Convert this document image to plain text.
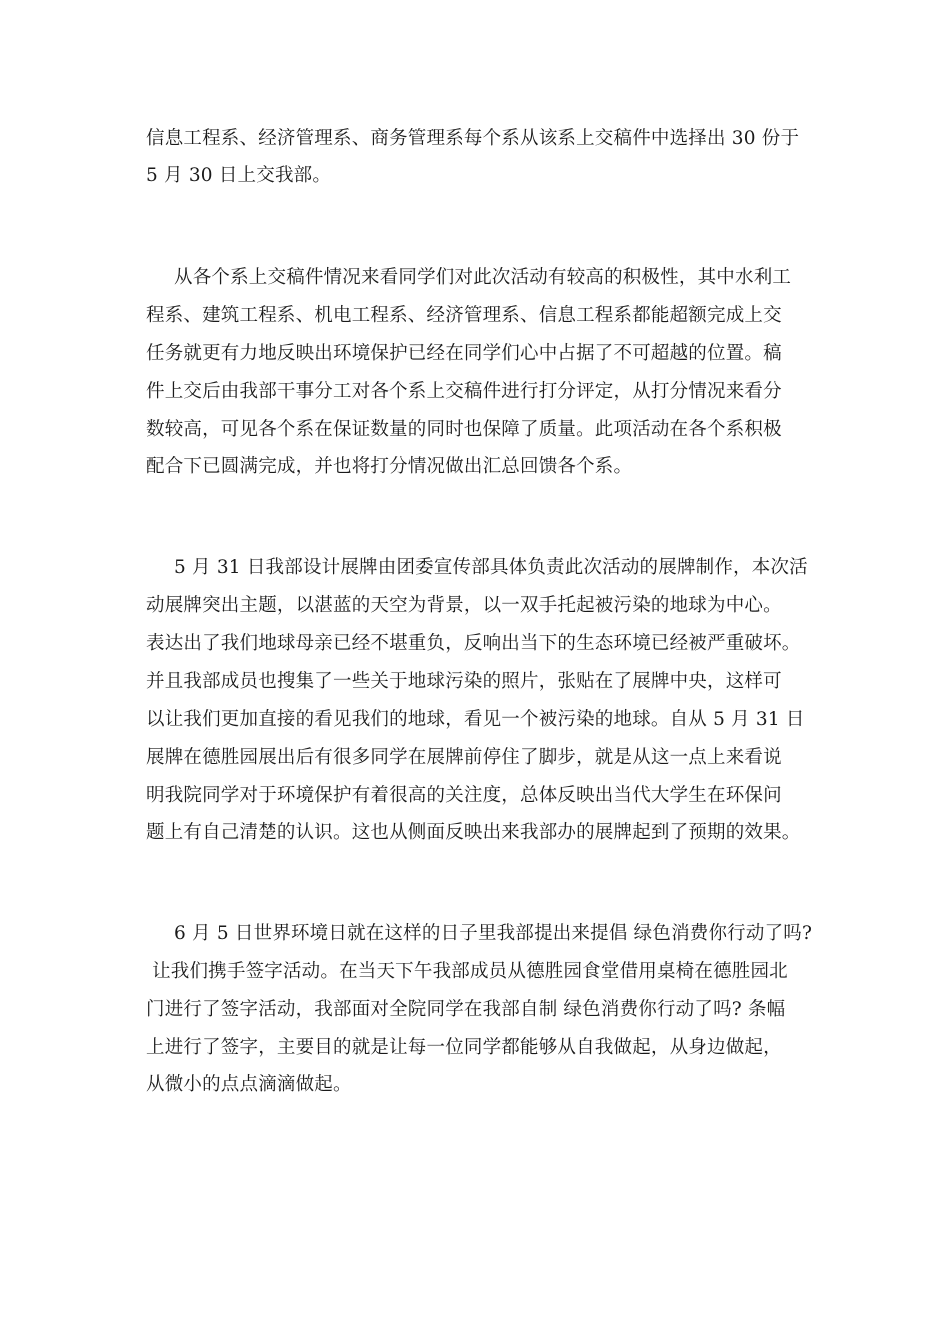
信息工程系、经济管理系、商务管理系每个系从该系上交稿件中选择出 30 份于
5 月 30 日上交我部。
从各个系上交稿件情况来看同学们对此次活动有较高的积极性，其中水利工
程系、建筑工程系、机电工程系、经济管理系、信息工程系都能超额完成上交
任务就更有力地反映出环境保护已经在同学们心中占据了不可超越的位置。稿
件上交后由我部干事分工对各个系上交稿件进行打分评定，从打分情况来看分
数较高，可见各个系在保证数量的同时也保障了质量。此项活动在各个系积极
配合下已圆满完成，并也将打分情况做出汇总回馈各个系。
5 月 31 日我部设计展牌由团委宣传部具体负责此次活动的展牌制作，本次活
动展牌突出主题，以湛蓝的天空为背景，以一双手托起被污染的地球为中心。
表达出了我们地球母亲已经不堪重负，反响出当下的生态环境已经被严重破坏。
并且我部成员也搜集了一些关于地球污染的照片，张贴在了展牌中央，这样可
以让我们更加直接的看见我们的地球，看见一个被污染的地球。自从 5 月 31 日
展牌在德胜园展出后有很多同学在展牌前停住了脚步，就是从这一点上来看说
明我院同学对于环境保护有着很高的关注度，总体反映出当代大学生在环保问
题上有自己清楚的认识。这也从侧面反映出来我部办的展牌起到了预期的效果。
6 月 5 日世界环境日就在这样的日子里我部提出来提倡 绿色消费你行动了吗?
让我们携手签字活动。在当天下午我部成员从德胜园食堂借用桌椅在德胜园北
门进行了签字活动，我部面对全院同学在我部自制 绿色消费你行动了吗? 条幅
上进行了签字，主要目的就是让每一位同学都能够从自我做起，从身边做起，
从微小的点点滴滴做起。
